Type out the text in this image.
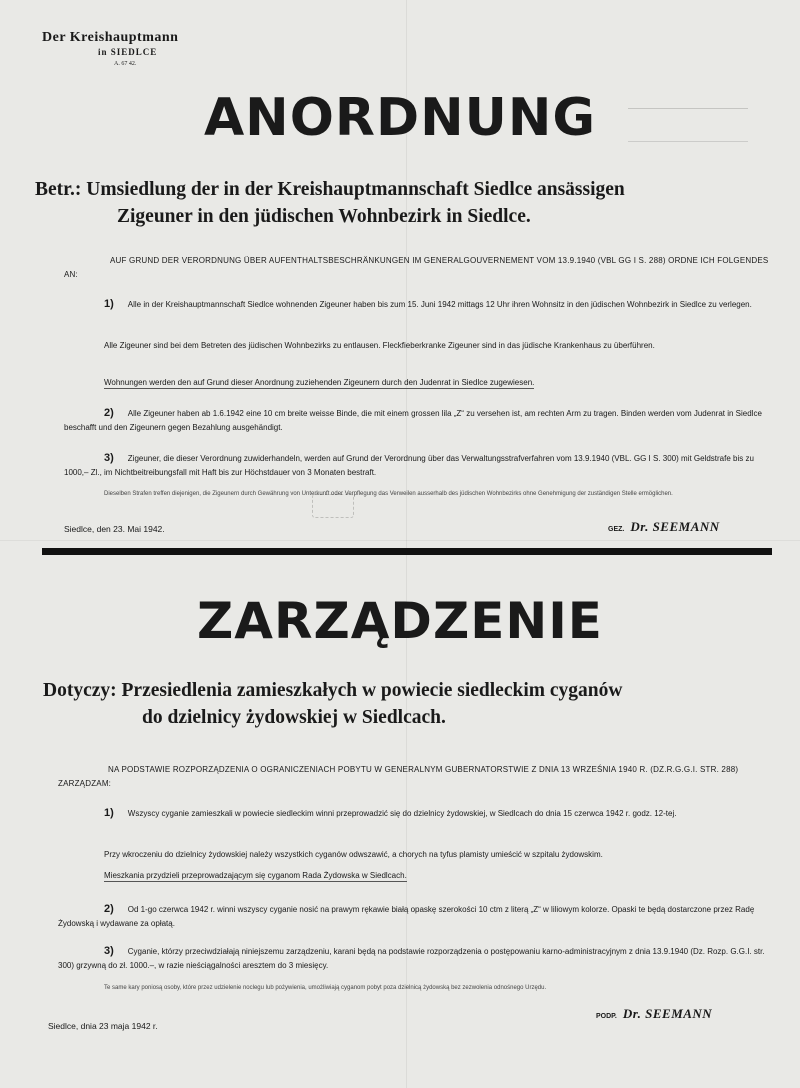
Der Kreishauptmann
in SIEDLCE
A. 67 42.
ANORDNUNG
Betr.: Umsiedlung der in der Kreishauptmannschaft Siedlce ansässigen
Zigeuner in den jüdischen Wohnbezirk in Siedlce.
AUF GRUND DER VERORDNUNG ÜBER AUFENTHALTSBESCHRÄNKUNGEN IM GENERALGOUVERNEMENT VOM 13.9.1940 (VBL GG I S. 288) ORDNE ICH FOLGENDES AN:
1) Alle in der Kreishauptmannschaft Siedlce wohnenden Zigeuner haben bis zum 15. Juni 1942 mittags 12 Uhr ihren Wohnsitz in den jüdischen Wohnbezirk in Siedlce zu verlegen.
Alle Zigeuner sind bei dem Betreten des jüdischen Wohnbezirks zu entlausen. Fleckfieberkranke Zigeuner sind in das jüdische Krankenhaus zu überführen.
Wohnungen werden den auf Grund dieser Anordnung zuziehenden Zigeunern durch den Judenrat in Siedlce zugewiesen.
2) Alle Zigeuner haben ab 1.6.1942 eine 10 cm breite weisse Binde, die mit einem grossen lila „Z“ zu versehen ist, am rechten Arm zu tragen. Binden werden vom Judenrat in Siedlce beschafft und den Zigeunern gegen Bezahlung ausgehändigt.
3) Zigeuner, die dieser Verordnung zuwiderhandeln, werden auf Grund der Verordnung über das Verwaltungsstrafverfahren vom 13.9.1940 (VBL. GG I S. 300) mit Geldstrafe bis zu 1000,– Zl., im Nichtbeitreibungsfall mit Haft bis zur Höchstdauer von 3 Monaten bestraft.
Dieselben Strafen treffen diejenigen, die Zigeunern durch Gewährung von Unterkunft oder Verpflegung das Verweilen ausserhalb des jüdischen Wohnbezirks ohne Genehmigung der zuständigen Stelle ermöglichen.
Siedlce, den 23. Mai 1942.	GEZ. Dr. SEEMANN
ZARZĄDZENIE
Dotyczy: Przesiedlenia zamieszkałych w powiecie siedleckim cyganów
do dzielnicy żydowskiej w Siedlcach.
NA PODSTAWIE ROZPORZĄDZENIA O OGRANICZENIACH POBYTU W GENERALNYM GUBERNATORSTWIE Z DNIA 13 WRZEŚNIA 1940 R. (DZ.R.G.G.I. STR. 288) ZARZĄDZAM:
1) Wszyscy cyganie zamieszkali w powiecie siedleckim winni przeprowadzić się do dzielnicy żydowskiej, w Siedlcach do dnia 15 czerwca 1942 r. godz. 12-tej.
Przy wkroczeniu do dzielnicy żydowskiej należy wszystkich cyganów odwszawić, a chorych na tyfus plamisty umieścić w szpitalu żydowskim.
Mieszkania przydzieli przeprowadzającym się cyganom Rada Żydowska w Siedlcach.
2) Od 1-go czerwca 1942 r. winni wszyscy cyganie nosić na prawym rękawie białą opaskę szerokości 10 ctm z literą „Z“ w liliowym kolorze. Opaski te będą dostarczone przez Radę Żydowską i wydawane za opłatą.
3) Cyganie, którzy przeciwdziałają niniejszemu zarządzeniu, karani będą na podstawie rozporządzenia o postępowaniu karno-administracyjnym z dnia 13.9.1940 (Dz. Rozp. G.G.I. str. 300) grzywną do zł. 1000.–, w razie nieściągalności aresztem do 3 miesięcy.
Te same kary poniosą osoby, które przez udzielenie noclegu lub pożywienia, umożliwiają cyganom pobyt poza dzielnicą żydowską bez zezwolenia odnośnego Urzędu.
Siedlce, dnia 23 maja 1942 r.
PODP. Dr. SEEMANN
